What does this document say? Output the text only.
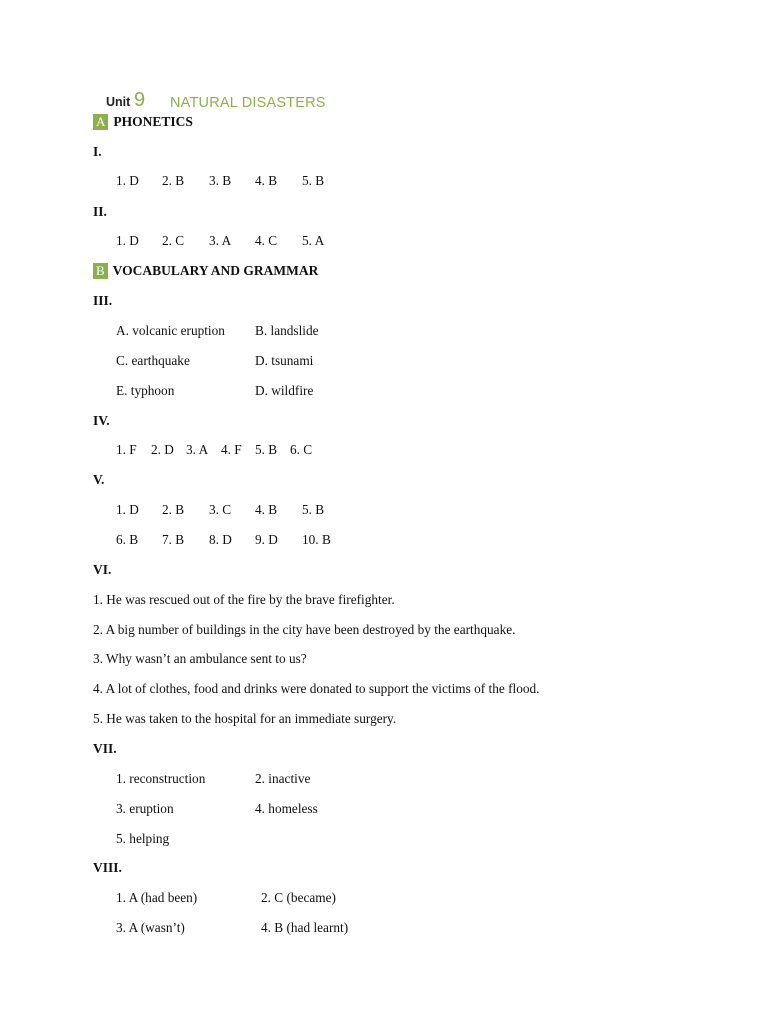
Unit 9 NATURAL DISASTERS
A PHONETICS
I.
1. D 2. B 3. B 4. B 5. B
II.
1. D 2. C 3. A 4. C 5. A
B VOCABULARY AND GRAMMAR
III.
A. volcanic eruption B. landslide
C. earthquake	D. tsunami
E. typhoon	D. wildfire
IV.
1. F 2. D 3. A 4. F 5. B 6. C
V.
1. D 2. B 3. C 4. B 5. B
6. B 7. B 8. D 9. D 10. B
VI.
1. He was rescued out of the fire by the brave firefighter.
2. A big number of buildings in the city have been destroyed by the earthquake.
3. Why wasn’t an ambulance sent to us?
4. A lot of clothes, food and drinks were donated to support the victims of the flood.
5. He was taken to the hospital for an immediate surgery.
VII.
1. reconstruction	2. inactive
3. eruption	4. homeless
5. helping
VIII.
1. A (had been)	2. C (became)
3. A (wasn’t)	4. B (had learnt)
